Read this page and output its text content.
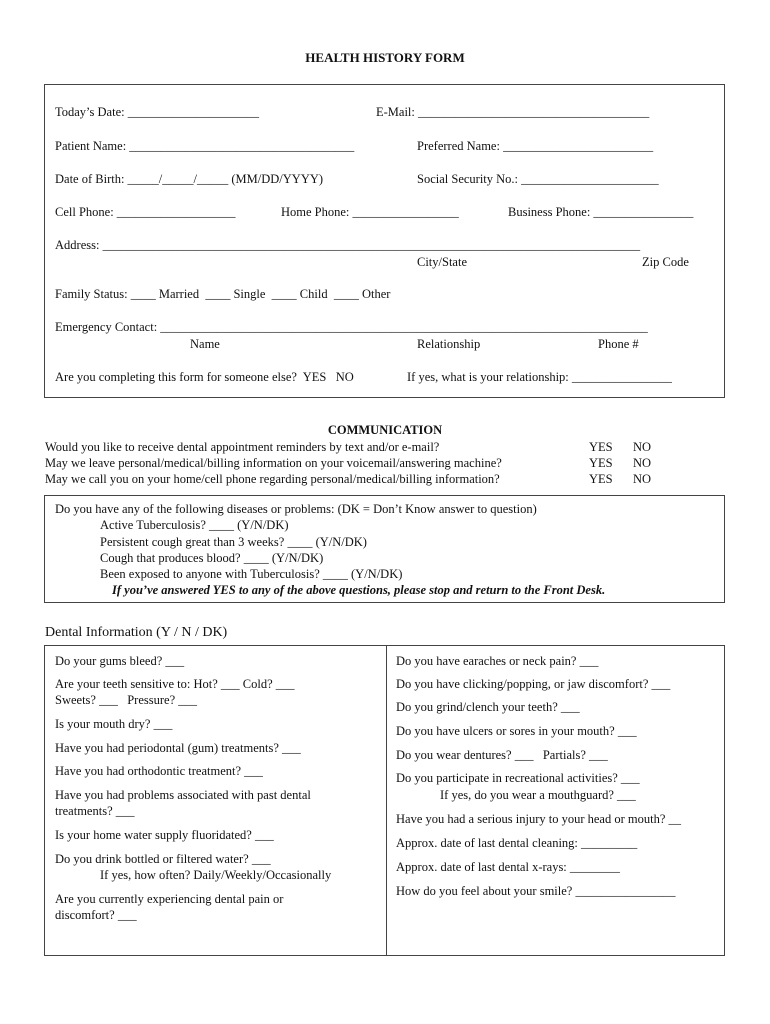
HEALTH HISTORY FORM
Today’s Date: _____________________	E-Mail: _____________________________________
Patient Name: ____________________________________	Preferred Name: ________________________
Date of Birth: _____/_____/_____ (MM/DD/YYYY)	Social Security No.: ______________________
Cell Phone: ___________________	Home Phone: _________________	Business Phone: ________________
Address: ______________________________________________________________________________________
City/State	Zip Code
Family Status: ____ Married  ____ Single  ____ Child  ____ Other
Emergency Contact: ______________________________________________________________________________
Name	Relationship	Phone #
Are you completing this form for someone else?  YES   NO	If yes, what is your relationship: ________________
COMMUNICATION
Would you like to receive dental appointment reminders by text and/or e-mail?	YES NO
May we leave personal/medical/billing information on your voicemail/answering machine?	YES NO
May we call you on your home/cell phone regarding personal/medical/billing information?	YES NO
Do you have any of the following diseases or problems: (DK = Don’t Know answer to question)
Active Tuberculosis? ____ (Y/N/DK)
Persistent cough great than 3 weeks? ____ (Y/N/DK)
Cough that produces blood? ____ (Y/N/DK)
Been exposed to anyone with Tuberculosis? ____ (Y/N/DK)
If you’ve answered YES to any of the above questions, please stop and return to the Front Desk.
Dental Information (Y / N / DK)
Do your gums bleed? ___
Are your teeth sensitive to: Hot? ___ Cold? ___
Sweets? ___   Pressure? ___
Is your mouth dry? ___
Have you had periodontal (gum) treatments? ___
Have you had orthodontic treatment? ___
Have you had problems associated with past dental
treatments? ___
Is your home water supply fluoridated? ___
Do you drink bottled or filtered water? ___
If yes, how often? Daily/Weekly/Occasionally
Are you currently experiencing dental pain or
discomfort? ___
Do you have earaches or neck pain? ___
Do you have clicking/popping, or jaw discomfort? ___
Do you grind/clench your teeth? ___
Do you have ulcers or sores in your mouth? ___
Do you wear dentures? ___   Partials? ___
Do you participate in recreational activities? ___
If yes, do you wear a mouthguard? ___
Have you had a serious injury to your head or mouth? __
Approx. date of last dental cleaning: _________
Approx. date of last dental x-rays: ________
How do you feel about your smile? ________________
